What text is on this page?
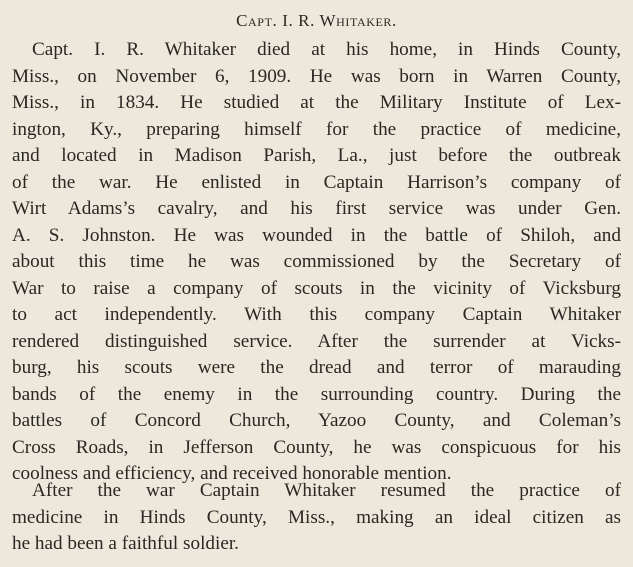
Capt. I. R. Whitaker.
Capt. I. R. Whitaker died at his home, in Hinds County,
Miss., on November 6, 1909. He was born in Warren County,
Miss., in 1834. He studied at the Military Institute of Lex-
ington, Ky., preparing himself for the practice of medicine,
and located in Madison Parish, La., just before the outbreak
of the war. He enlisted in Captain Harrison’s company of
Wirt Adams’s cavalry, and his first service was under Gen.
A. S. Johnston. He was wounded in the battle of Shiloh, and
about this time he was commissioned by the Secretary of
War to raise a company of scouts in the vicinity of Vicksburg
to act independently. With this company Captain Whitaker
rendered distinguished service. After the surrender at Vicks-
burg, his scouts were the dread and terror of marauding
bands of the enemy in the surrounding country. During the
battles of Concord Church, Yazoo County, and Coleman’s
Cross Roads, in Jefferson County, he was conspicuous for his
coolness and efficiency, and received honorable mention.
After the war Captain Whitaker resumed the practice of
medicine in Hinds County, Miss., making an ideal citizen as
he had been a faithful soldier.
